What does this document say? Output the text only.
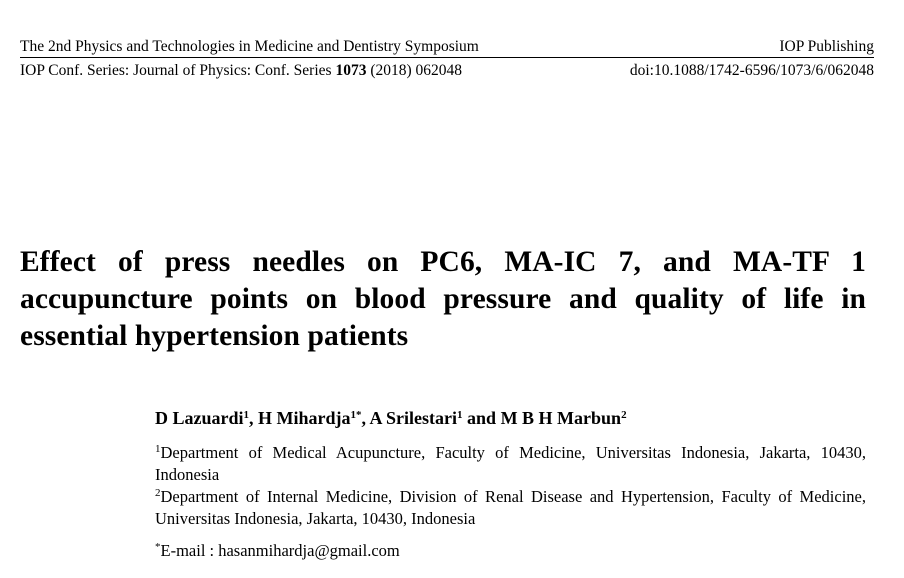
The 2nd Physics and Technologies in Medicine and Dentistry Symposium	IOP Publishing
IOP Conf. Series: Journal of Physics: Conf. Series 1073 (2018) 062048	doi:10.1088/1742-6596/1073/6/062048
Effect of press needles on PC6, MA-IC 7, and MA-TF 1 accupuncture points on blood pressure and quality of life in essential hypertension patients
D Lazuardi$^1$, H Mihardja$^{1*}$, A Srilestari$^1$ and M B H Marbun$^2$

$^1$Department of Medical Acupuncture, Faculty of Medicine, Universitas Indonesia, Jakarta, 10430, Indonesia

$^2$Department of Internal Medicine, Division of Renal Disease and Hypertension, Faculty of Medicine, Universitas Indonesia, Jakarta, 10430, Indonesia

*E-mail : hasanmihardja@gmail.com
